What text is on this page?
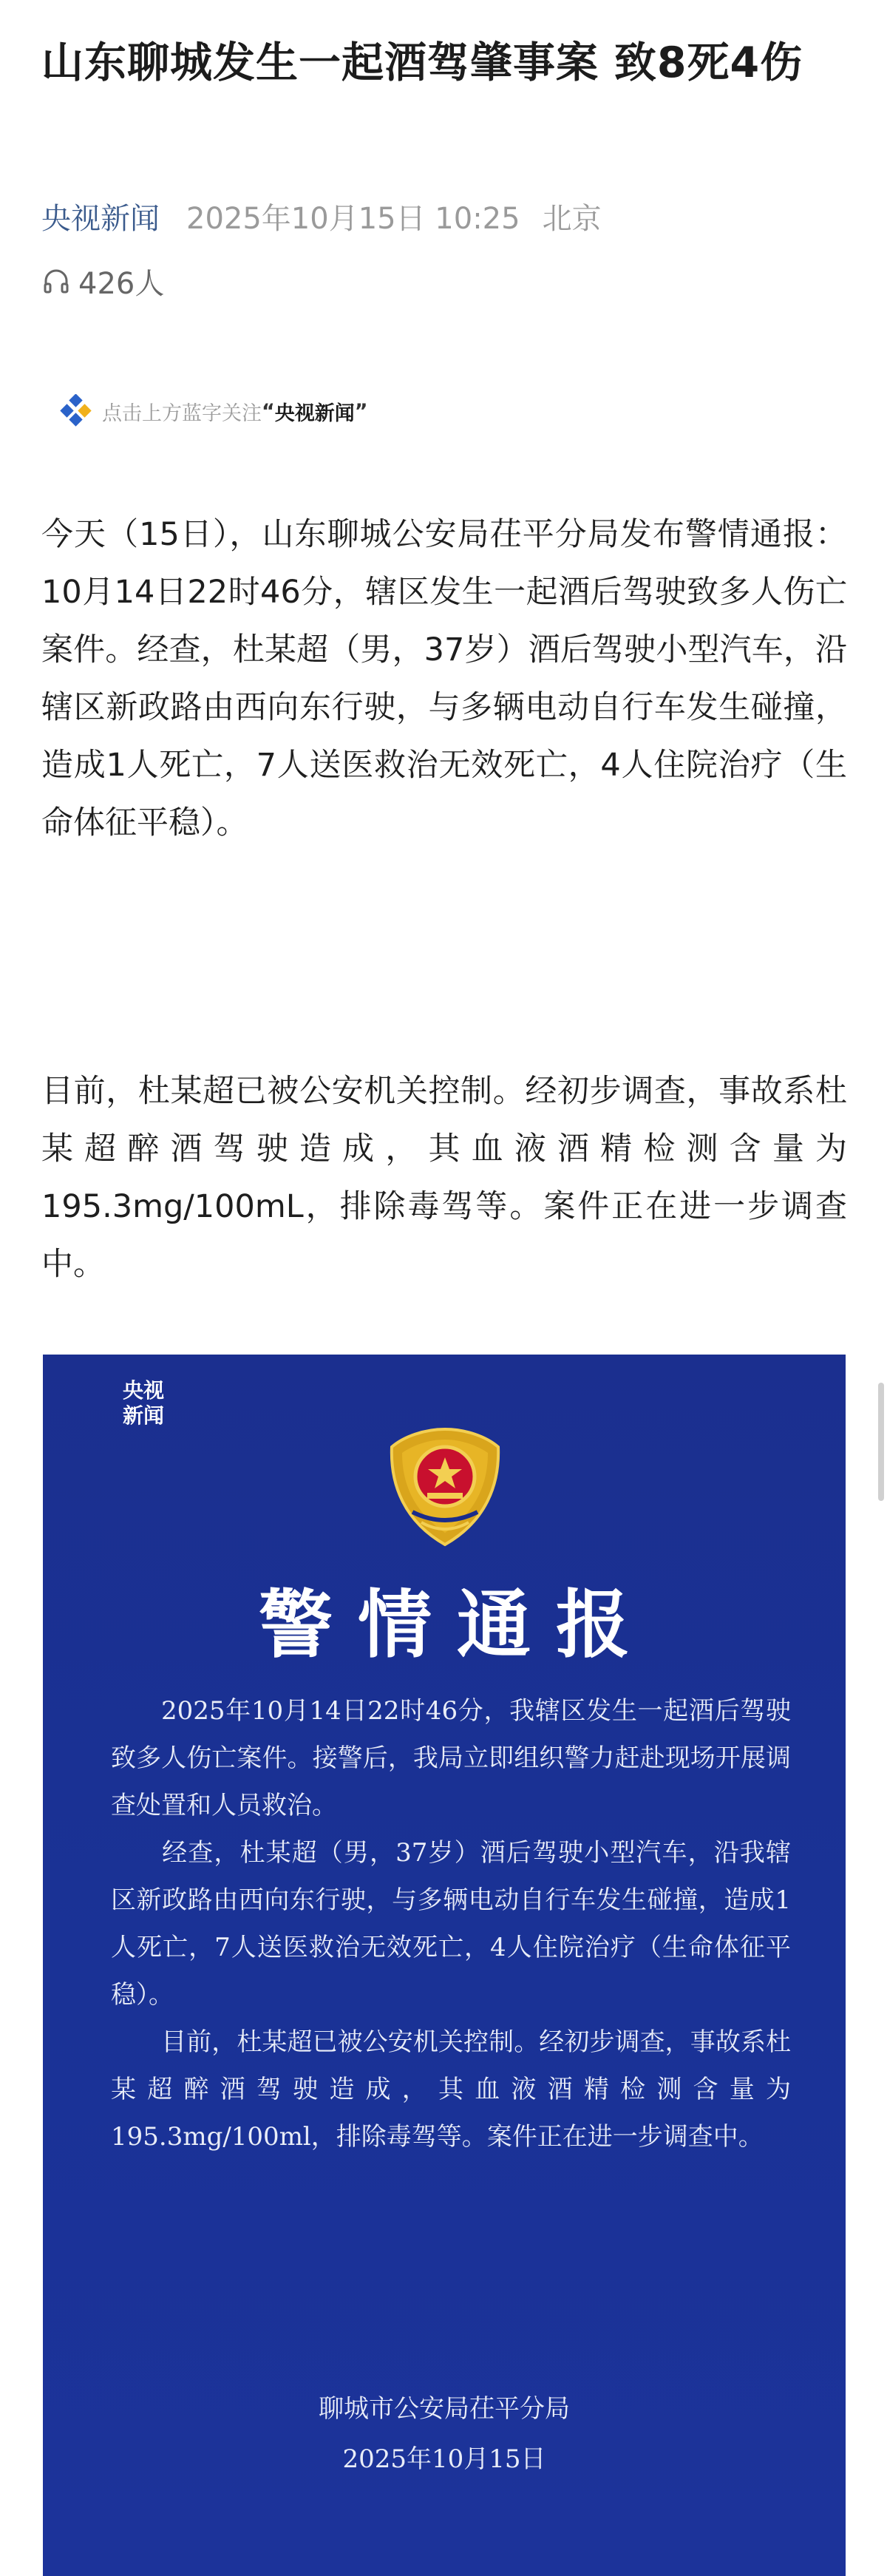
山东聊城发生一起酒驾肇事案 致8死4伤
央视新闻 2025年10月15日 10:25 北京
426人
点击上方蓝字关注 “ 央视新闻 ”

今天（15日），山东聊城公安局茌平分局发布警情通报：10月14日22时46分，辖区发生一起酒后驾驶致多人伤亡案件。经查，杜某超（男，37岁）酒后驾驶小型汽车，沿辖区新政路由西向东行驶，与多辆电动自行车发生碰撞，造成1人死亡，7人送医救治无效死亡，4人住院治疗（生命体征平稳）。

目前，杜某超已被公安机关控制。经初步调查，事故系杜某超醉酒驾驶造成，其血液酒精检测含量为195.3mg/100mL，排除毒驾等。案件正在进一步调查中。

央视
新闻
警情通报

2025年10月14日22时46分，我辖区发生一起酒后驾驶致多人伤亡案件。接警后，我局立即组织警力赶赴现场开展调查处置和人员救治。

经查，杜某超（男，37岁）酒后驾驶小型汽车，沿我辖区新政路由西向东行驶，与多辆电动自行车发生碰撞，造成1人死亡，7人送医救治无效死亡，4人住院治疗（生命体征平稳）。

目前，杜某超已被公安机关控制。经初步调查，事故系杜某超醉酒驾驶造成，其血液酒精检测含量为195.3mg/100ml，排除毒驾等。案件正在进一步调查中。

聊城市公安局茌平分局
2025年10月15日
